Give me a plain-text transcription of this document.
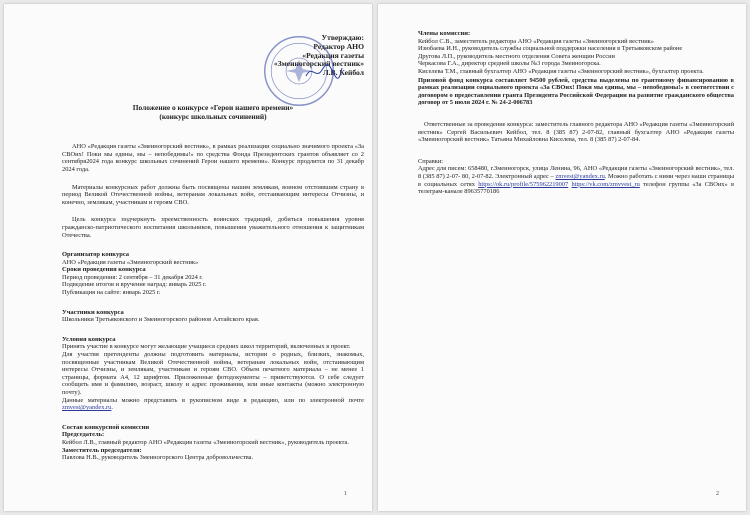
Утверждаю:
Редактор АНО
«Редакция газеты
«Змеиногорский вестник»
Л.В. Кейбол
Положение о конкурсе «Герои нашего времени»
(конкурс школьных сочинений)

АНО «Редакция газеты «Змеиногорский вестник», в рамках реализации социально значимого проекта «За СВОих! Поки мы едины, мы – непобедимы!» по средства Фонда Президентских грантов объявляет со 2 сентября2024 года конкурс школьных сочинений Герои нашего времени». Конкурс продлится по 31 декабр 2024 года.

Материалы конкурсных работ должны быть посвящены нашим землякам, воином отстоявшим страну в период Великой Отечественной войны, ветеранам локальных войн, отстаивающим интересы Отчизны, и конечно, землякам, участникам и героям СВО.

Цель конкурса подчеркнуть преемственность воинских традиций, добиться повышения уровня гражданско-патриотического воспитания школьников, повышения уважительного отношения к защитникам Отечества.

Организатор конкурса
АНО «Редакция газеты «Змеиногорский вестник»
Сроки проведения конкурса
Период проведения: 2 сентября – 31 декабря 2024 г.
Подведение итогов и вручение наград: январь 2025 г.
Публикация на сайте: январь 2025 г.
Участники конкурса
Школьники Третьяковского и Змеиногорского районов Алтайского края.
Условия конкурса

Принять участие в конкурсе могут желающие учащиеся средних школ территорий, включенных в проект.

Для участия претенденты должны подготовить материалы, истории о родных, близких, знакомых, посвященные участникам Великой Отечественной войны, ветеранам локальных войн, отстаивающим интересы Отчизны, и землякам, участникам и героям СВО. Объем печатного материала – не менее 1 страницы, формата А4, 12 шрифтом. Приложенные фотодокументы – приветствуются. О себе следует сообщить имя и фамилию, возраст, школу и адрес проживания, или иные контакты (можно электронную почту).

Данные материалы можно представить в рукописном виде в редакцию, или по электронной почте zmvest@yandex.ru.

Состав конкурсной комиссии
Председатель:

Кейбол Л.В., главный редактор АНО «Редакция газеты «Змеиногорский вестник», руководитель проекта.

Заместитель председателя:

Павлова Н.В., руководитель Змеиногорского Центра добровольчества.

1
Члены комиссии:

Кейбол С.В., заместитель редактора АНО «Редакция газеты «Змеиногорский вестник»

Изюбаева И.Н., руководитель службы социальной поддержки населения в Третьяковском районе

Другова Л.П., руководитель местного отделения Совета женщин России

Черкасова Г.А., директор средней школы №3 города Змеиногорска.

Киселева Т.М., главный бухгалтер АНО «Редакция газеты «Змеиногорский вестник», бухгалтер проекта.

Призовой фонд конкурса составляет 94500 рублей, средства выделены по грантовому финансированию в рамках реализации социального проекта «За СВОих! Поки мы едины, мы – непобедимы!» в соответствии с договором о предоставлении гранта Президента Российской Федерации на развитие гражданского общества договор от 5 июля 2024 г. № 24-2-006783

Ответственные за проведение конкурса: заместитель главного редактора АНО «Редакция газеты «Змеиногорский вестник» Сергей Васильевич Кейбол, тел. 8 (385 87) 2-07-82, главный бухгалтер АНО «Редакция газеты «Змеиногорский вестник» Татьяна Михайловна Киселева, тел. 8 (385 87) 2-07-84.

Справки:

Адрес для писем: 658480, г.Змеиногорск, улица Ленина, 96, АНО «Редакция газеты «Змеиногорский вестник», тел. 8 (385 87) 2-07- 80, 2-07-82. Электронный адрес – zmvest@yandex.ru. Можно работать с ними через наши страницы в социальных сетях https://ok.ru/profile/575962219007 https://vk.com/zmvvest_ru телефон группы «За СВОих» в телеграм-канале 89635770186

2
